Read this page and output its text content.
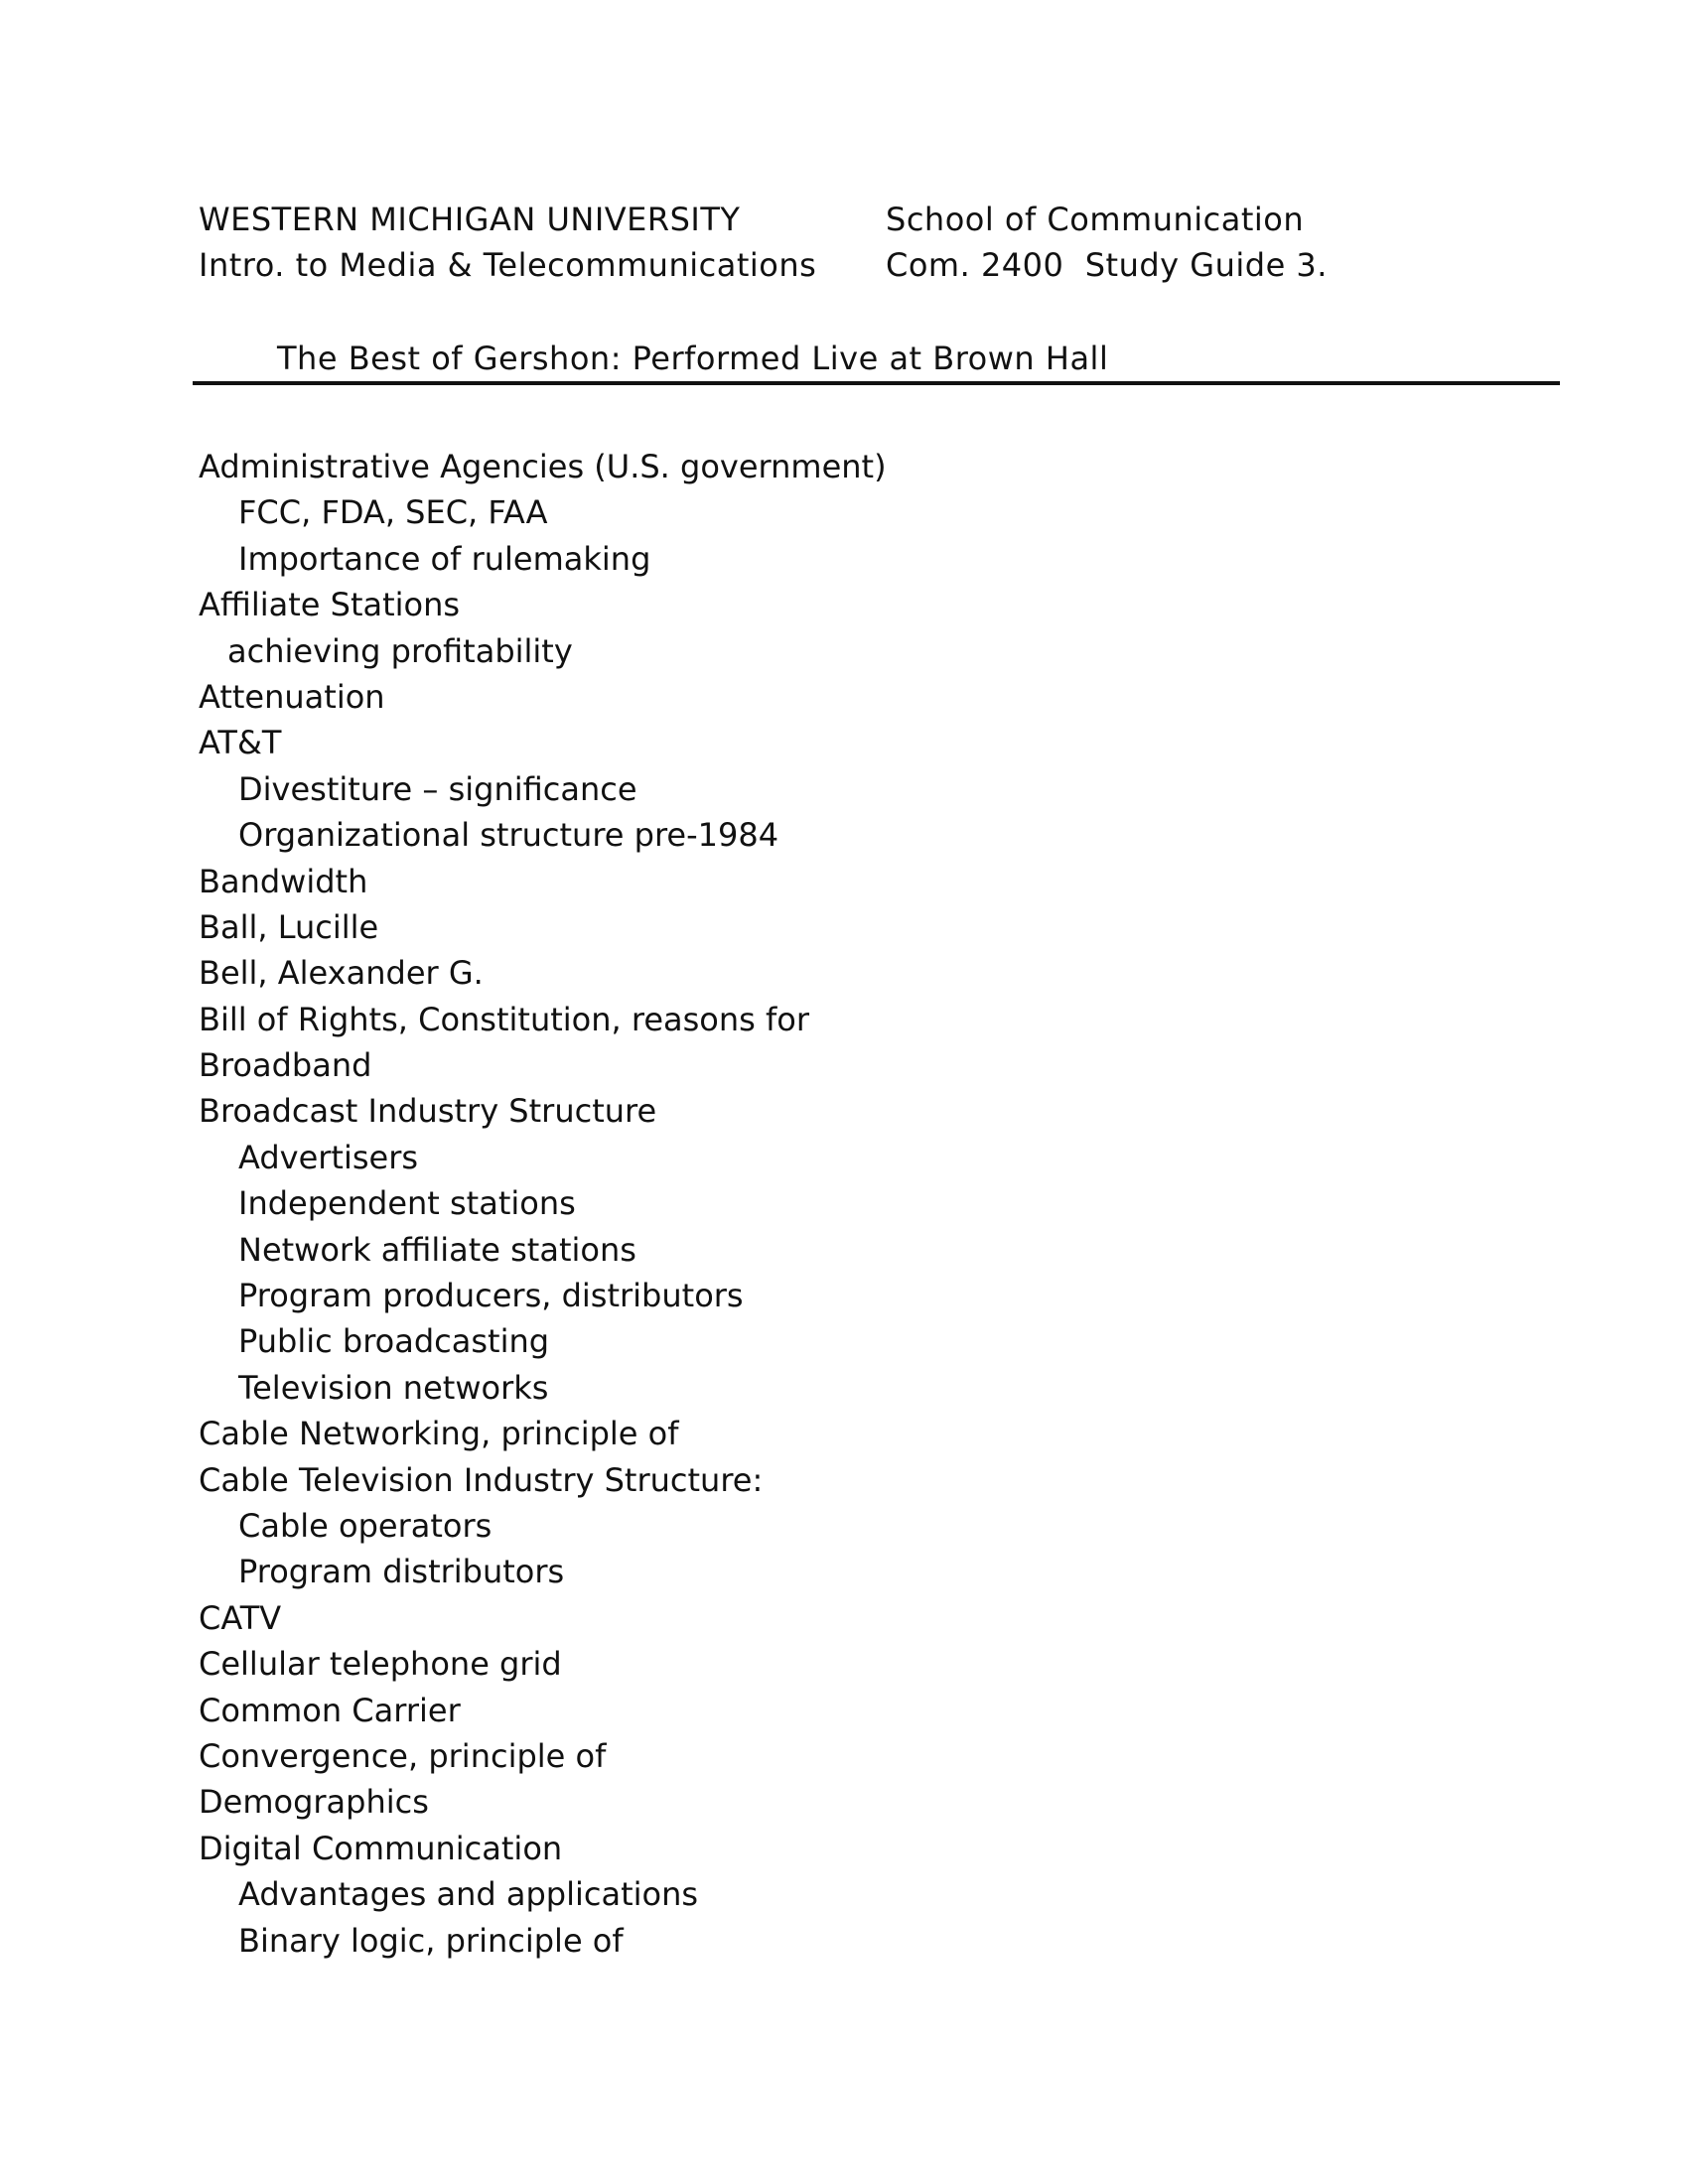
WESTERN MICHIGAN UNIVERSITY	School of Communication
Intro. to Media & Telecommunications Com. 2400  Study Guide 3.
The Best of Gershon: Performed Live at Brown Hall
Administrative Agencies (U.S. government)
FCC, FDA, SEC, FAA
Importance of rulemaking
Affiliate Stations
achieving profitability
Attenuation
AT&T
Divestiture – significance
Organizational structure pre-1984
Bandwidth
Ball, Lucille
Bell, Alexander G.
Bill of Rights, Constitution, reasons for
Broadband
Broadcast Industry Structure
Advertisers
Independent stations
Network affiliate stations
Program producers, distributors
Public broadcasting
Television networks
Cable Networking, principle of
Cable Television Industry Structure:
Cable operators
Program distributors
CATV
Cellular telephone grid
Common Carrier
Convergence, principle of
Demographics
Digital Communication
Advantages and applications
Binary logic, principle of
